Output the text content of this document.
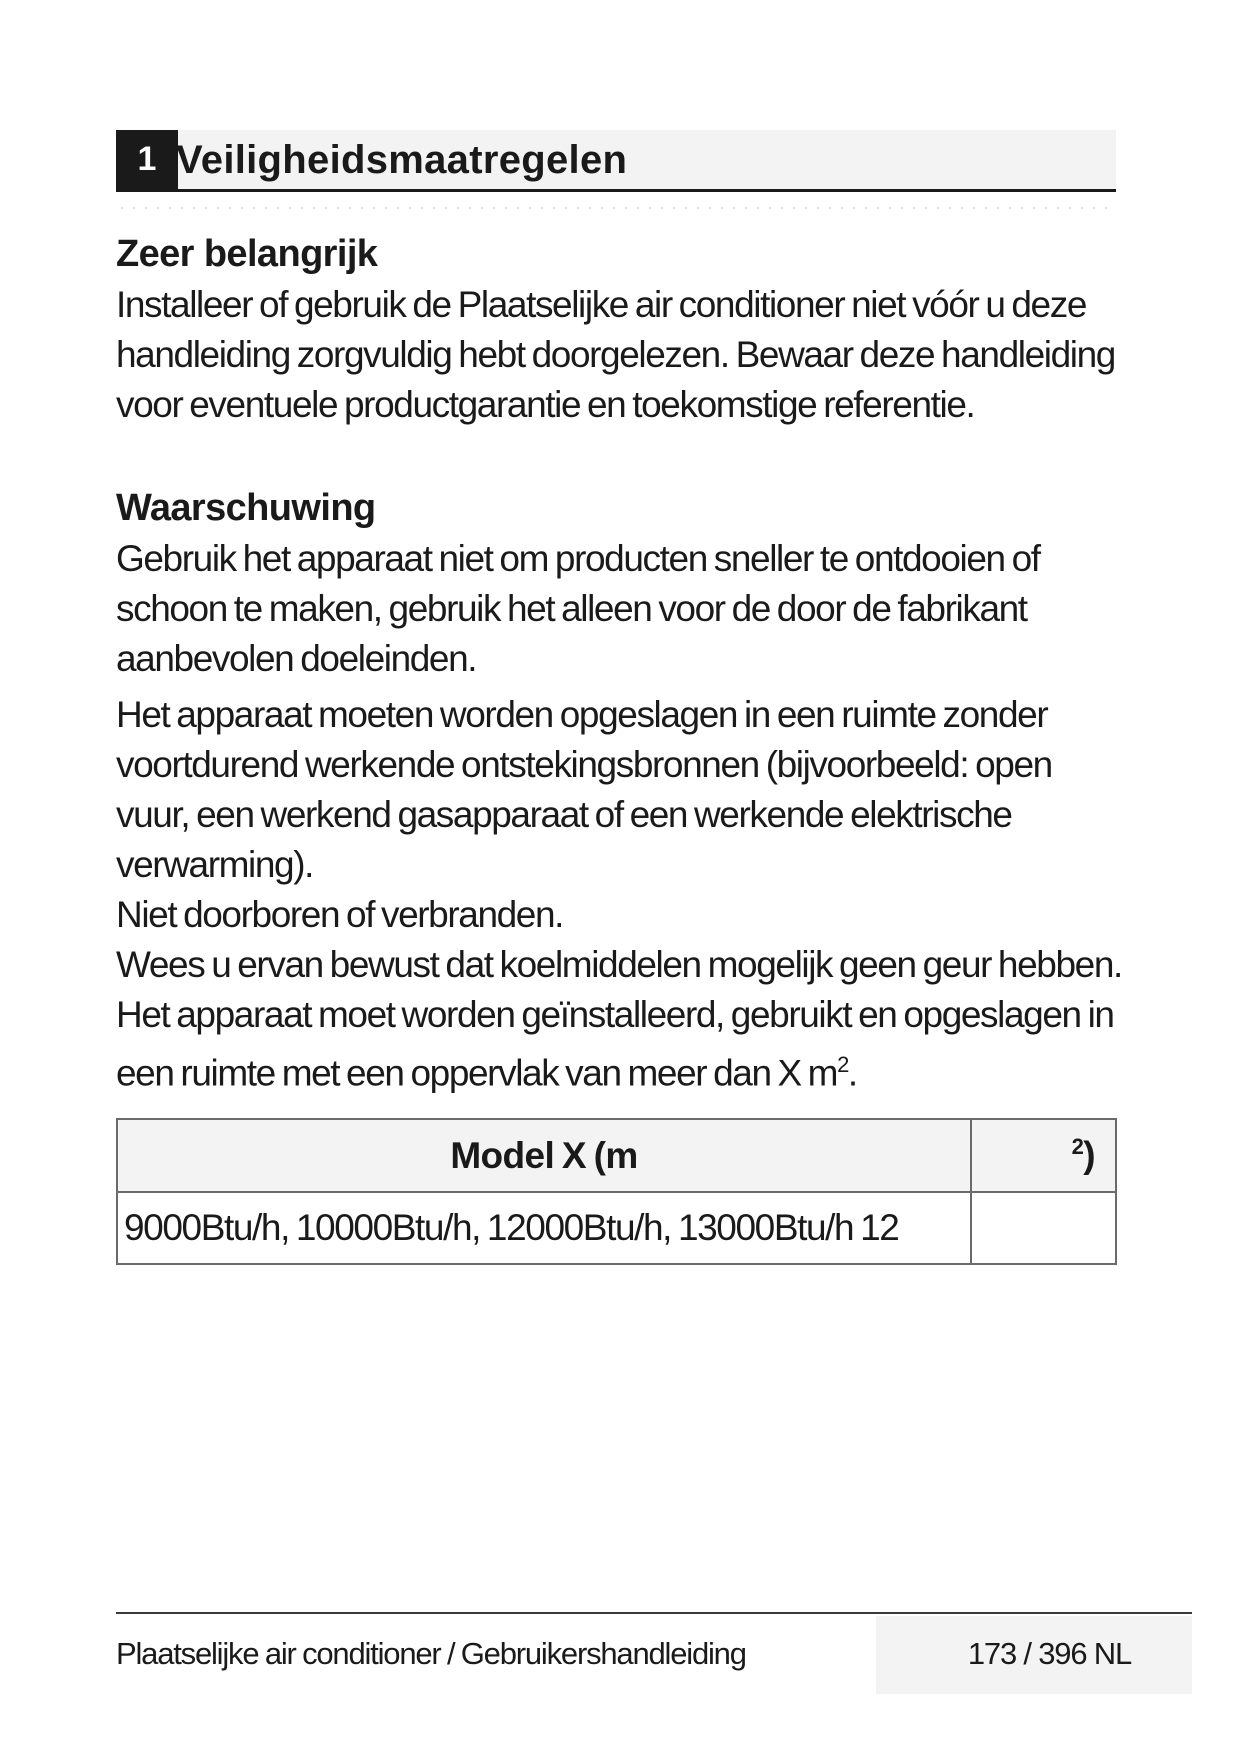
1 Veiligheidsmaatregelen
Zeer belangrijk

Installeer of gebruik de Plaatselijke air conditioner niet vóór u deze handleiding zorgvuldig hebt doorgelezen. Bewaar deze handleiding voor eventuele productgarantie en toekomstige referentie.

Waarschuwing

Gebruik het apparaat niet om producten sneller te ontdooien of schoon te maken, gebruik het alleen voor de door de fabrikant aanbevolen doeleinden.

Het apparaat moeten worden opgeslagen in een ruimte zonder voortdurend werkende ontstekingsbronnen (bijvoorbeeld: open vuur, een werkend gasapparaat of een werkende elektrische verwarming).

Niet doorboren of verbranden.

Wees u ervan bewust dat koelmiddelen mogelijk geen geur hebben.

Het apparaat moet worden geïnstalleerd, gebruikt en opgeslagen in een ruimte met een oppervlak van meer dan X $m^2$.

Model X (m	$^2$)
9000Btu/h, 10000Btu/h, 12000Btu/h, 13000Btu/h 12	
Plaatselijke air conditioner / Gebruikershandleiding	173 / 396 NL
